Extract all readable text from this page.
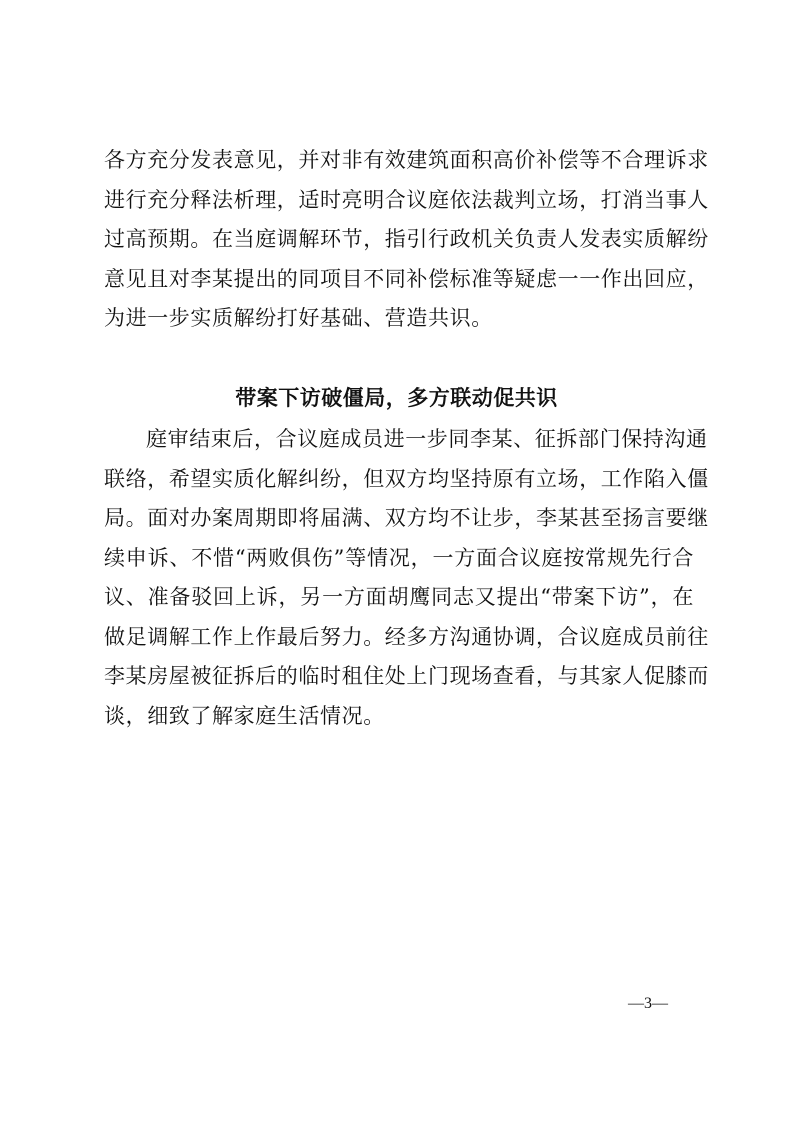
各方充分发表意见，并对非有效建筑面积高价补偿等不合理诉求
进行充分释法析理，适时亮明合议庭依法裁判立场，打消当事人
过高预期。在当庭调解环节，指引行政机关负责人发表实质解纷
意见且对李某提出的同项目不同补偿标准等疑虑一一作出回应，
为进一步实质解纷打好基础、营造共识。
带案下访破僵局，多方联动促共识
庭审结束后，合议庭成员进一步同李某、征拆部门保持沟通
联络，希望实质化解纠纷，但双方均坚持原有立场，工作陷入僵
局。面对办案周期即将届满、双方均不让步，李某甚至扬言要继
续申诉、不惜“两败俱伤”等情况，一方面合议庭按常规先行合
议、准备驳回上诉，另一方面胡鹰同志又提出“带案下访”，在
做足调解工作上作最后努力。经多方沟通协调，合议庭成员前往
李某房屋被征拆后的临时租住处上门现场查看，与其家人促膝而
谈，细致了解家庭生活情况。
—3—
